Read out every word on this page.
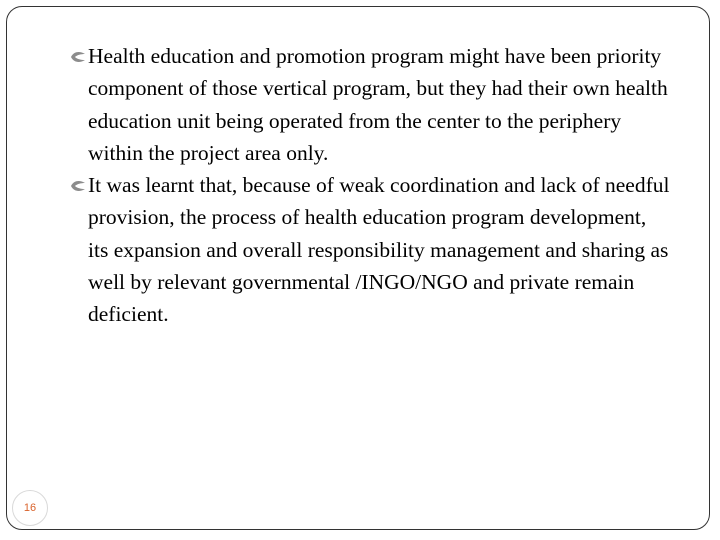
Health education and promotion program might have been priority component of those vertical program, but they had their own health education unit being operated from the center to the periphery within the project area only.

It was learnt that, because of weak coordination and lack of needful provision, the process of health education program development, its expansion and overall responsibility management and sharing as well by relevant governmental /INGO/NGO and private remain deficient.

16
